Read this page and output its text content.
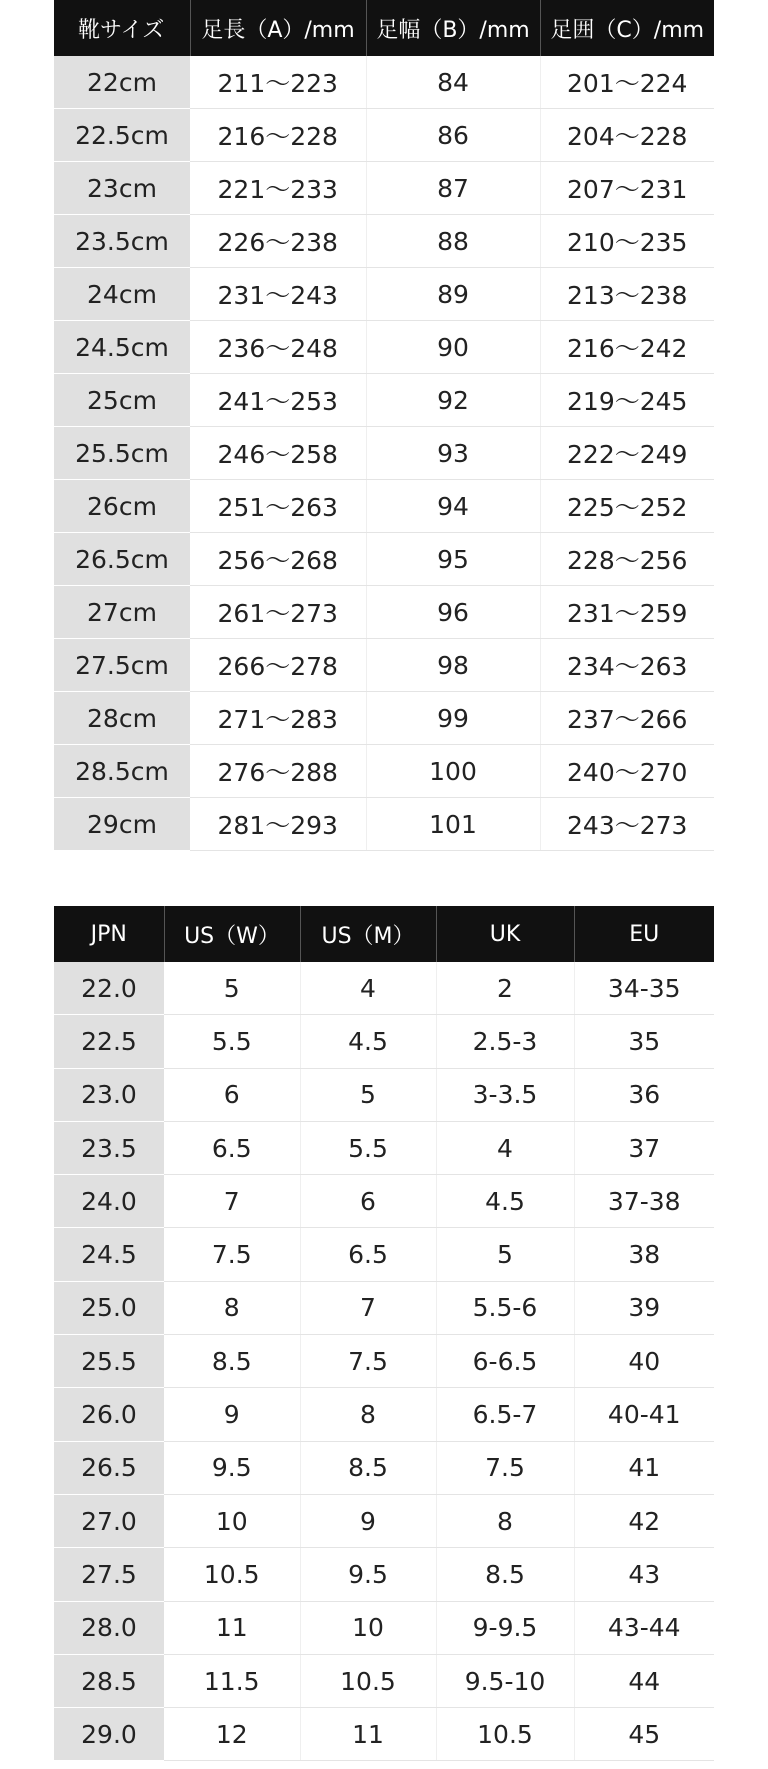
靴サイズ	足長（A）/mm	足幅（B）/mm	足囲（C）/mm
22cm	211〜223	84	201〜224
22.5cm	216〜228	86	204〜228
23cm	221〜233	87	207〜231
23.5cm	226〜238	88	210〜235
24cm	231〜243	89	213〜238
24.5cm	236〜248	90	216〜242
25cm	241〜253	92	219〜245
25.5cm	246〜258	93	222〜249
26cm	251〜263	94	225〜252
26.5cm	256〜268	95	228〜256
27cm	261〜273	96	231〜259
27.5cm	266〜278	98	234〜263
28cm	271〜283	99	237〜266
28.5cm	276〜288	100	240〜270
29cm	281〜293	101	243〜273
JPN	US（W）	US（M）	UK	EU
22.0	5	4	2	34-35
22.5	5.5	4.5	2.5-3	35
23.0	6	5	3-3.5	36
23.5	6.5	5.5	4	37
24.0	7	6	4.5	37-38
24.5	7.5	6.5	5	38
25.0	8	7	5.5-6	39
25.5	8.5	7.5	6-6.5	40
26.0	9	8	6.5-7	40-41
26.5	9.5	8.5	7.5	41
27.0	10	9	8	42
27.5	10.5	9.5	8.5	43
28.0	11	10	9-9.5	43-44
28.5	11.5	10.5	9.5-10	44
29.0	12	11	10.5	45
